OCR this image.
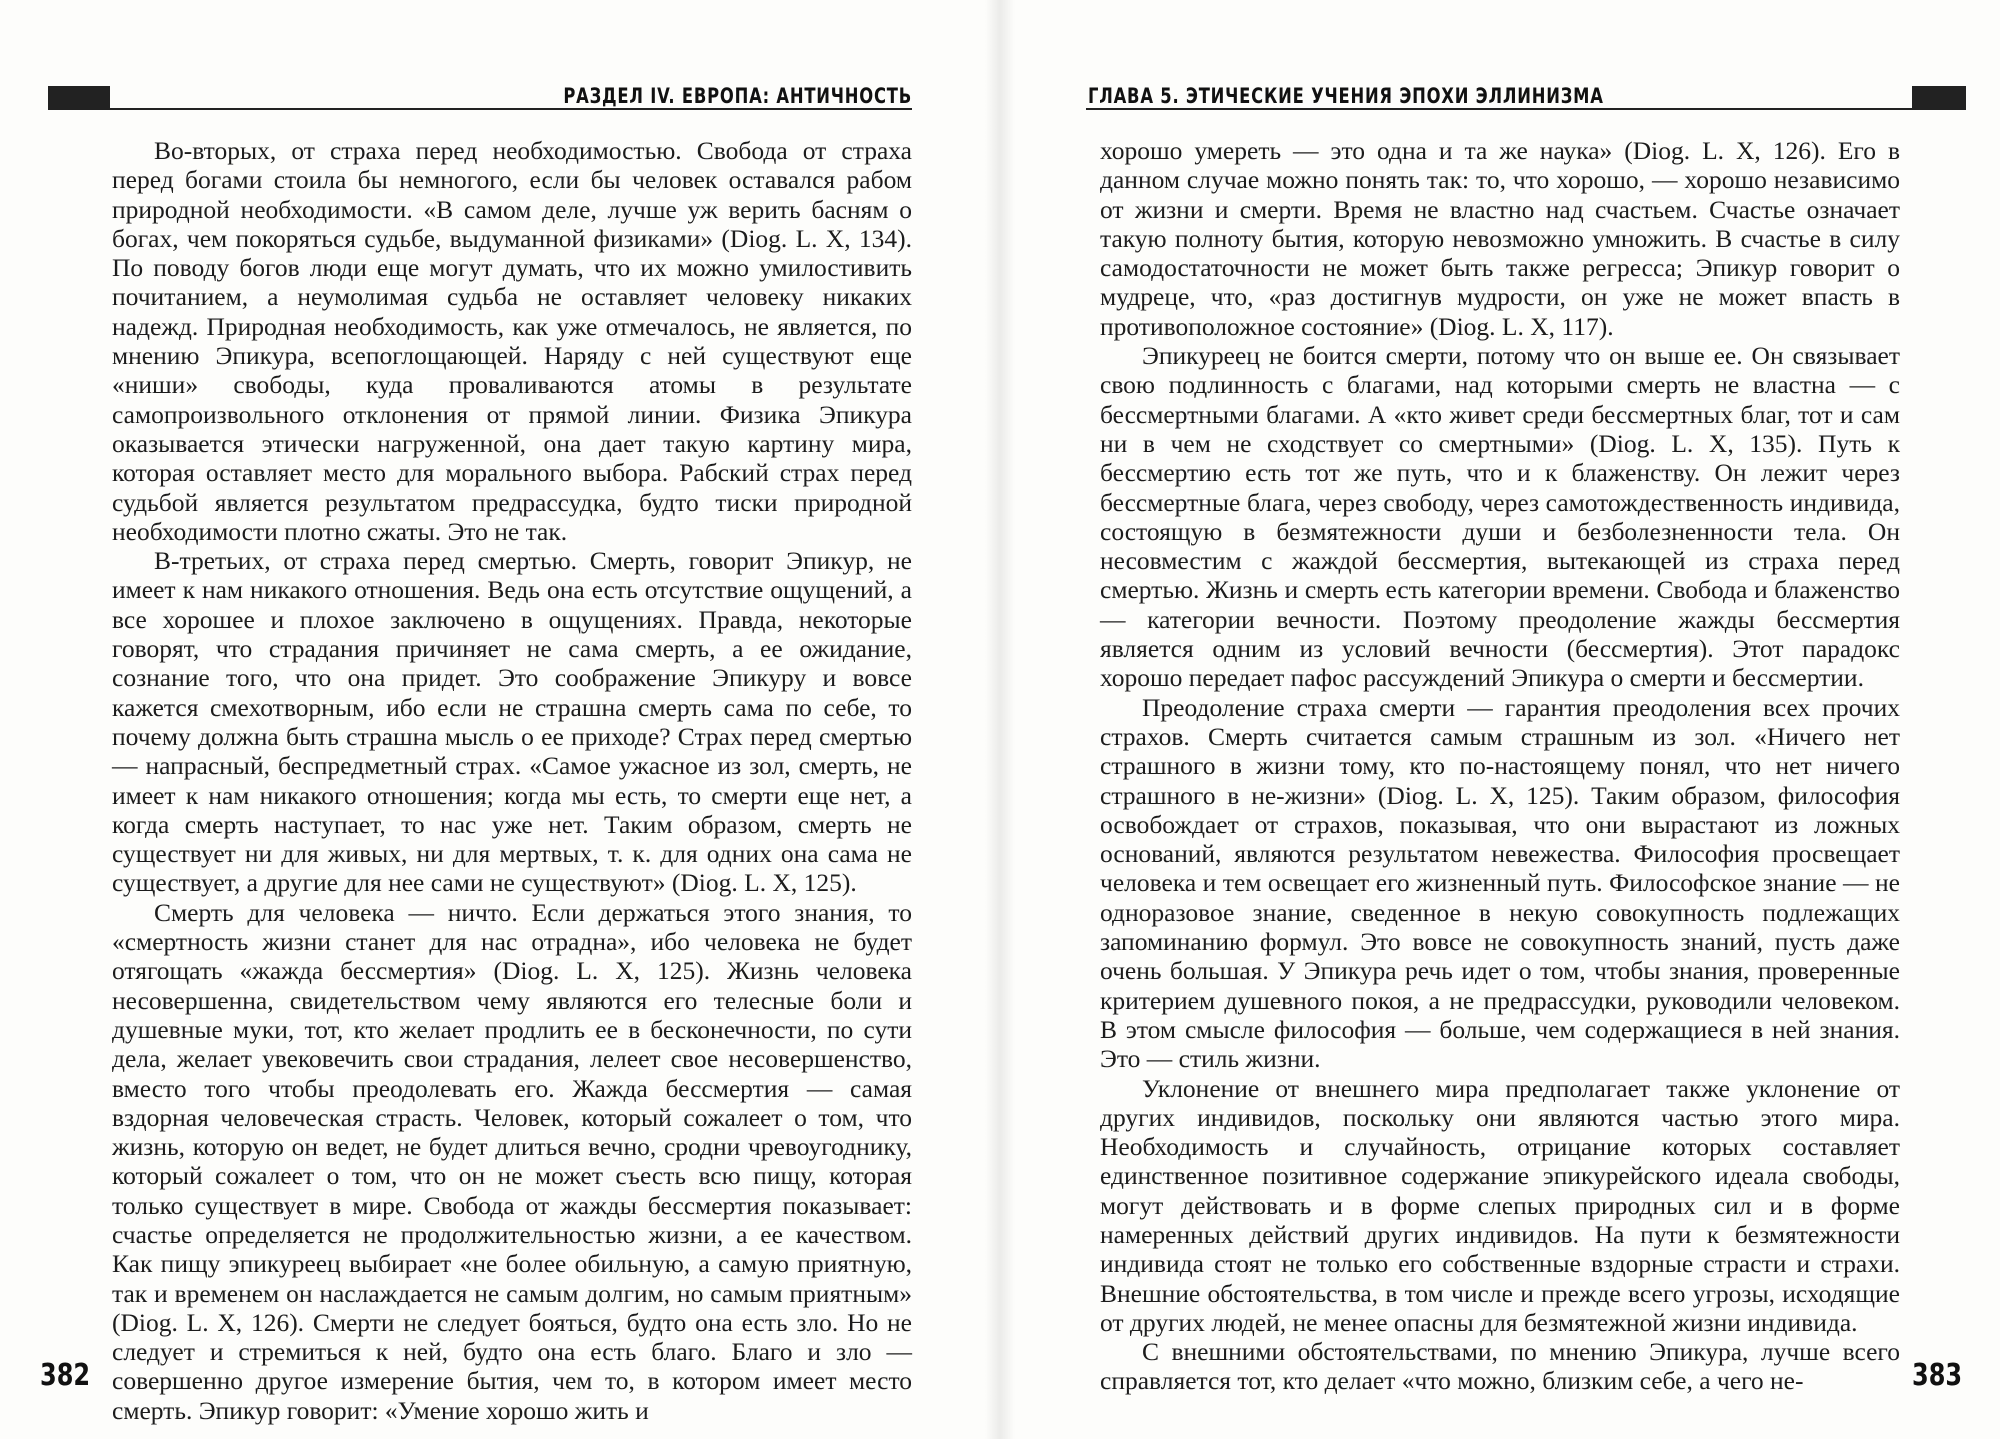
РАЗДЕЛ IV. ЕВРОПА: АНТИЧНОСТЬ

Во-вторых, от страха перед необходимостью. Свобода от страха перед богами стоила бы немногого, если бы человек оставался рабом природной необходимости. «В самом деле, лучше уж верить басням о богах, чем покоряться судьбе, выдуманной физиками» (Diog. L. X, 134). По поводу богов люди еще могут думать, что их можно умилостивить почитанием, а неумолимая судьба не оставляет человеку никаких надежд. Природная необходимость, как уже отмечалось, не является, по мнению Эпикура, всепоглощающей. Наряду с ней существуют еще «ниши» свободы, куда проваливаются атомы в результате самопроизвольного отклонения от прямой линии. Физика Эпикура оказывается этически нагруженной, она дает такую картину мира, которая оставляет место для морального выбора. Рабский страх перед судьбой является результатом предрассудка, будто тиски природной необходимости плотно сжаты. Это не так.

В-третьих, от страха перед смертью. Смерть, говорит Эпикур, не имеет к нам никакого отношения. Ведь она есть отсутствие ощущений, а все хорошее и плохое заключено в ощущениях. Правда, некоторые говорят, что страдания причиняет не сама смерть, а ее ожидание, сознание того, что она придет. Это соображение Эпикуру и вовсе кажется смехотворным, ибо если не страшна смерть сама по себе, то почему должна быть страшна мысль о ее приходе? Страх перед смертью — напрасный, беспредметный страх. «Самое ужасное из зол, смерть, не имеет к нам никакого отношения; когда мы есть, то смерти еще нет, а когда смерть наступает, то нас уже нет. Таким образом, смерть не существует ни для живых, ни для мертвых, т. к. для одних она сама не существует, а другие для нее сами не существуют» (Diog. L. X, 125).

Смерть для человека — ничто. Если держаться этого знания, то «смертность жизни станет для нас отрадна», ибо человека не будет отягощать «жажда бессмертия» (Diog. L. X, 125). Жизнь человека несовершенна, свидетельством чему являются его телесные боли и душевные муки, тот, кто желает продлить ее в бесконечности, по сути дела, желает увековечить свои страдания, лелеет свое несовершенство, вместо того чтобы преодолевать его. Жажда бессмертия — самая вздорная человеческая страсть. Человек, который сожалеет о том, что жизнь, которую он ведет, не будет длиться вечно, сродни чревоугоднику, который сожалеет о том, что он не может съесть всю пищу, которая только существует в мире. Свобода от жажды бессмертия показывает: счастье определяется не продолжительностью жизни, а ее качеством. Как пищу эпикуреец выбирает «не более обильную, а самую приятную, так и временем он наслаждается не самым долгим, но самым приятным» (Diog. L. X, 126). Смерти не следует бояться, будто она есть зло. Но не следует и стремиться к ней, будто она есть благо. Благо и зло — совершенно другое измерение бытия, чем то, в котором имеет место смерть. Эпикур говорит: «Умение хорошо жить и

382
ГЛАВА 5. ЭТИЧЕСКИЕ УЧЕНИЯ ЭПОХИ ЭЛЛИНИЗМА

хорошо умереть — это одна и та же наука» (Diog. L. X, 126). Его в данном случае можно понять так: то, что хорошо, — хорошо независимо от жизни и смерти. Время не властно над счастьем. Счастье означает такую полноту бытия, которую невозможно умножить. В счастье в силу самодостаточности не может быть также регресса; Эпикур говорит о мудреце, что, «раз достигнув мудрости, он уже не может впасть в противоположное состояние» (Diog. L. X, 117).

Эпикуреец не боится смерти, потому что он выше ее. Он связывает свою подлинность с благами, над которыми смерть не властна — с бессмертными благами. А «кто живет среди бессмертных благ, тот и сам ни в чем не сходствует со смертными» (Diog. L. X, 135). Путь к бессмертию есть тот же путь, что и к блаженству. Он лежит через бессмертные блага, через свободу, через самотождественность индивида, состоящую в безмятежности души и безболезненности тела. Он несовместим с жаждой бессмертия, вытекающей из страха перед смертью. Жизнь и смерть есть категории времени. Свобода и блаженство — категории вечности. Поэтому преодоление жажды бессмертия является одним из условий вечности (бессмертия). Этот парадокс хорошо передает пафос рассуждений Эпикура о смерти и бессмертии.

Преодоление страха смерти — гарантия преодоления всех прочих страхов. Смерть считается самым страшным из зол. «Ничего нет страшного в жизни тому, кто по-настоящему понял, что нет ничего страшного в не-жизни» (Diog. L. X, 125). Таким образом, философия освобождает от страхов, показывая, что они вырастают из ложных оснований, являются результатом невежества. Философия просвещает человека и тем освещает его жизненный путь. Философское знание — не одноразовое знание, сведенное в некую совокупность подлежащих запоминанию формул. Это вовсе не совокупность знаний, пусть даже очень большая. У Эпикура речь идет о том, чтобы знания, проверенные критерием душевного покоя, а не предрассудки, руководили человеком. В этом смысле философия — больше, чем содержащиеся в ней знания. Это — стиль жизни.

Уклонение от внешнего мира предполагает также уклонение от других индивидов, поскольку они являются частью этого мира. Необходимость и случайность, отрицание которых составляет единственное позитивное содержание эпикурейского идеала свободы, могут действовать и в форме слепых природных сил и в форме намеренных действий других индивидов. На пути к безмятежности индивида стоят не только его собственные вздорные страсти и страхи. Внешние обстоятельства, в том числе и прежде всего угрозы, исходящие от других людей, не менее опасны для безмятежной жизни индивида.

С внешними обстоятельствами, по мнению Эпикура, лучше всего справляется тот, кто делает «что можно, близким себе, а чего не-	383
